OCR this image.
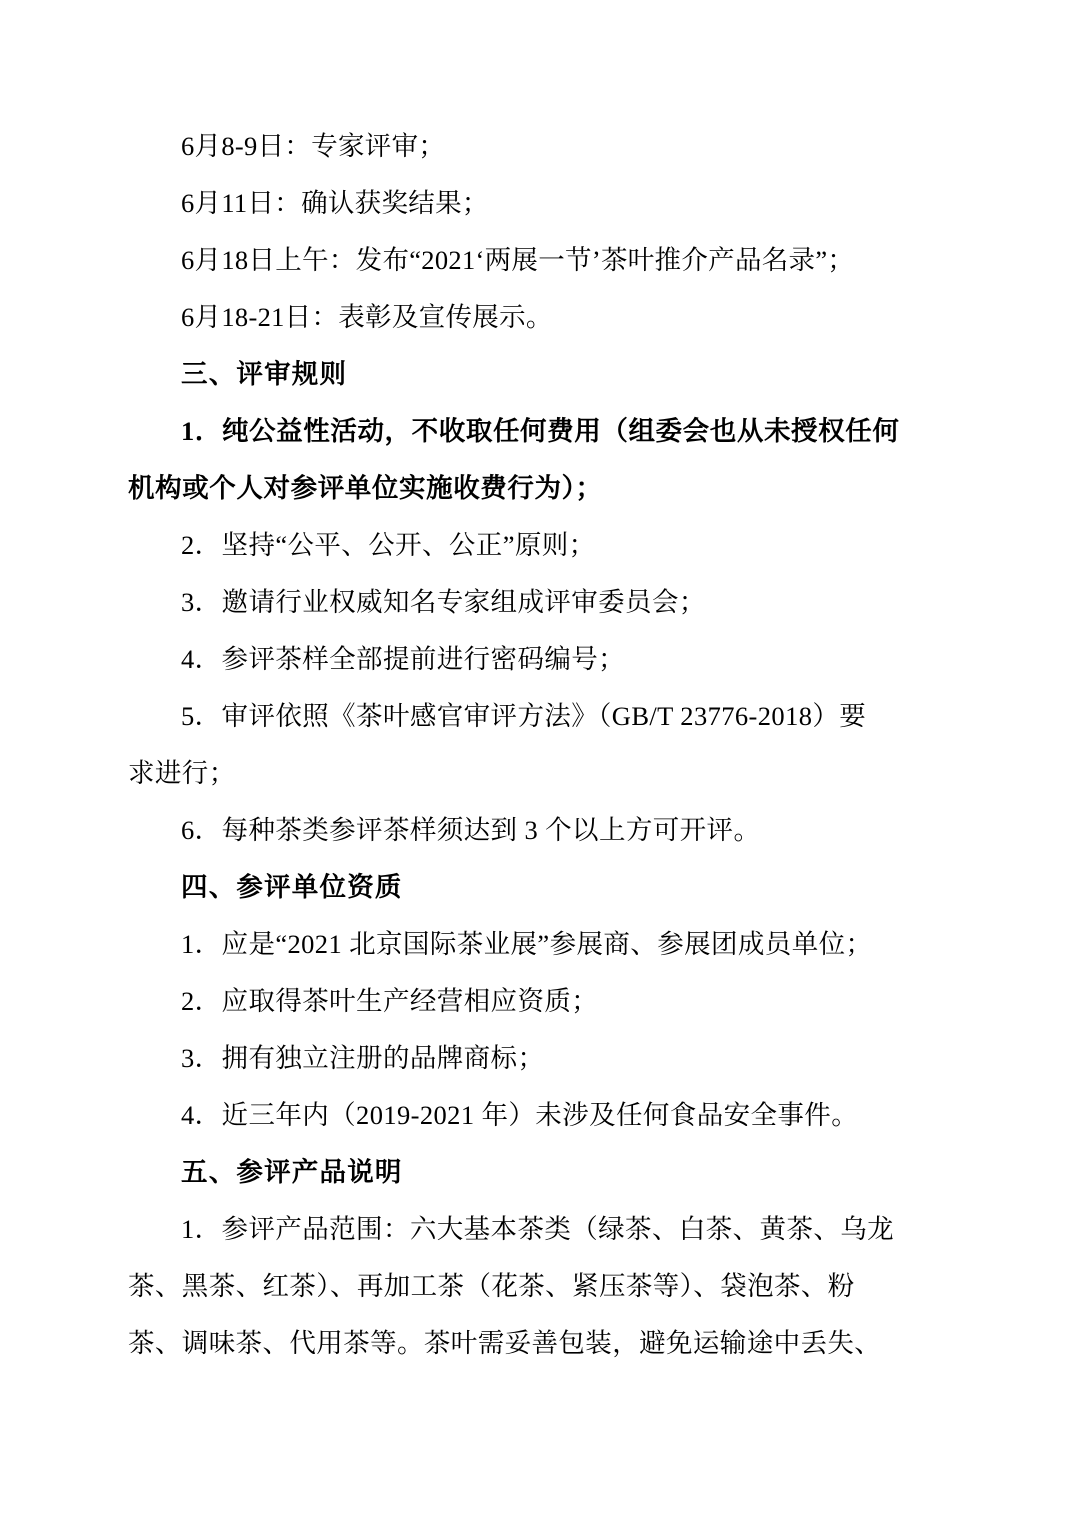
6月8-9日：专家评审；

6月11日：确认获奖结果；

6月18日上午：发布“2021‘两展一节’茶叶推介产品名录”；

6月18-21日：表彰及宣传展示。

三、评审规则

1．纯公益性活动，不收取任何费用（组委会也从未授权任何

机构或个人对参评单位实施收费行为）；

2．坚持“公平、公开、公正”原则；

3．邀请行业权威知名专家组成评审委员会；

4．参评茶样全部提前进行密码编号；

5．审评依照《茶叶感官审评方法》（GB/T 23776-2018）要

求进行；

6．每种茶类参评茶样须达到 3 个以上方可开评。

四、参评单位资质

1．应是“2021 北京国际茶业展”参展商、参展团成员单位；

2．应取得茶叶生产经营相应资质；

3．拥有独立注册的品牌商标；

4．近三年内（2019-2021 年）未涉及任何食品安全事件。

五、参评产品说明

1．参评产品范围：六大基本茶类（绿茶、白茶、黄茶、乌龙

茶、黑茶、红茶）、再加工茶（花茶、紧压茶等）、袋泡茶、粉

茶、调味茶、代用茶等。茶叶需妥善包装，避免运输途中丢失、
